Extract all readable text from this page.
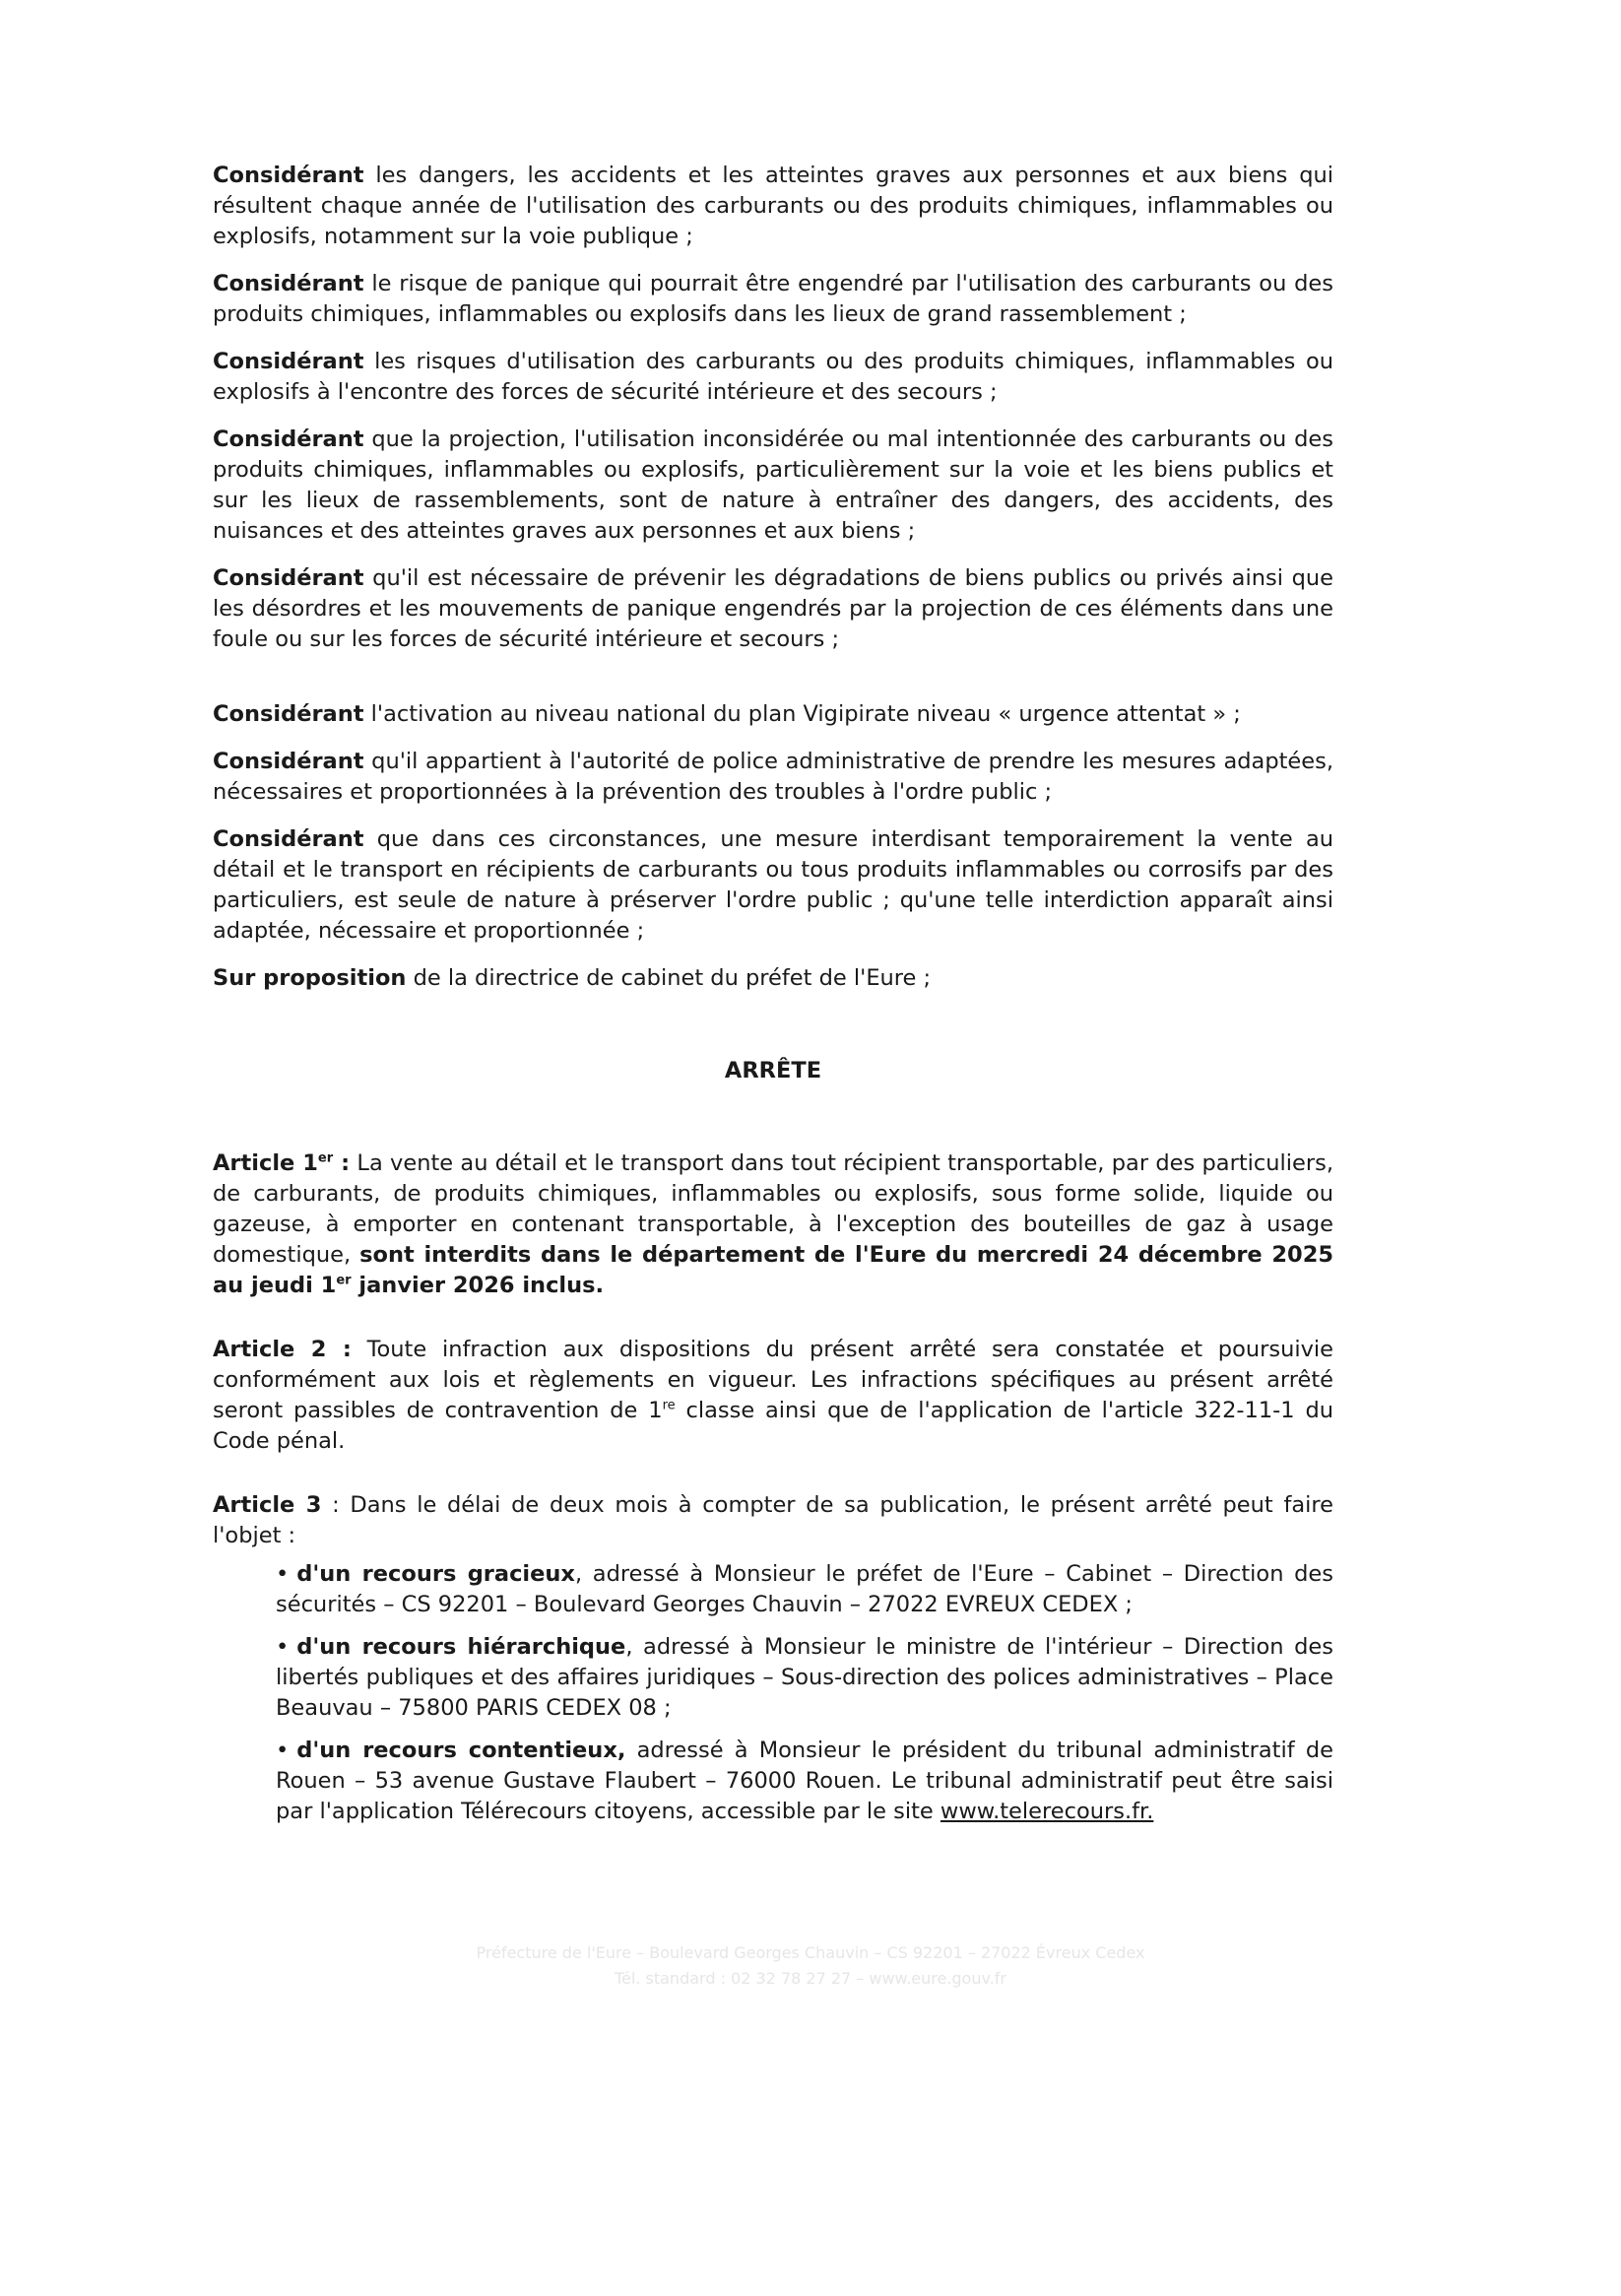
Considérant les dangers, les accidents et les atteintes graves aux personnes et aux biens qui résultent chaque année de l'utilisation des carburants ou des produits chimiques, inflammables ou explosifs, notamment sur la voie publique ;

Considérant le risque de panique qui pourrait être engendré par l'utilisation des carburants ou des produits chimiques, inflammables ou explosifs dans les lieux de grand rassemblement ;

Considérant les risques d'utilisation des carburants ou des produits chimiques, inflammables ou explosifs à l'encontre des forces de sécurité intérieure et des secours ;

Considérant que la projection, l'utilisation inconsidérée ou mal intentionnée des carburants ou des produits chimiques, inflammables ou explosifs, particulièrement sur la voie et les biens publics et sur les lieux de rassemblements, sont de nature à entraîner des dangers, des accidents, des nuisances et des atteintes graves aux personnes et aux biens ;

Considérant qu'il est nécessaire de prévenir les dégradations de biens publics ou privés ainsi que les désordres et les mouvements de panique engendrés par la projection de ces éléments dans une foule ou sur les forces de sécurité intérieure et secours ;

Considérant l'activation au niveau national du plan Vigipirate niveau « urgence attentat » ;

Considérant qu'il appartient à l'autorité de police administrative de prendre les mesures adaptées, nécessaires et proportionnées à la prévention des troubles à l'ordre public ;

Considérant que dans ces circonstances, une mesure interdisant temporairement la vente au détail et le transport en récipients de carburants ou tous produits inflammables ou corrosifs par des particuliers, est seule de nature à préserver l'ordre public ; qu'une telle interdiction apparaît ainsi adaptée, nécessaire et proportionnée ;

Sur proposition de la directrice de cabinet du préfet de l'Eure ;

ARRÊTE

Article 1er : La vente au détail et le transport dans tout récipient transportable, par des particuliers, de carburants, de produits chimiques, inflammables ou explosifs, sous forme solide, liquide ou gazeuse, à emporter en contenant transportable, à l'exception des bouteilles de gaz à usage domestique, sont interdits dans le département de l'Eure du mercredi 24 décembre 2025 au jeudi 1er janvier 2026 inclus.

Article 2 : Toute infraction aux dispositions du présent arrêté sera constatée et poursuivie conformément aux lois et règlements en vigueur. Les infractions spécifiques au présent arrêté seront passibles de contravention de 1re classe ainsi que de l'application de l'article 322-11-1 du Code pénal.

Article 3 : Dans le délai de deux mois à compter de sa publication, le présent arrêté peut faire l'objet :

• d'un recours gracieux, adressé à Monsieur le préfet de l'Eure – Cabinet – Direction des sécurités – CS 92201 – Boulevard Georges Chauvin – 27022 EVREUX CEDEX ;

• d'un recours hiérarchique, adressé à Monsieur le ministre de l'intérieur – Direction des libertés publiques et des affaires juridiques – Sous-direction des polices administratives – Place Beauvau – 75800 PARIS CEDEX 08 ;

• d'un recours contentieux, adressé à Monsieur le président du tribunal administratif de Rouen – 53 avenue Gustave Flaubert – 76000 Rouen. Le tribunal administratif peut être saisi par l'application Télérecours citoyens, accessible par le site www.telerecours.fr.

Préfecture de l'Eure – Boulevard Georges Chauvin – CS 92201 – 27022 Évreux Cedex
Tél. standard : 02 32 78 27 27 – www.eure.gouv.fr
